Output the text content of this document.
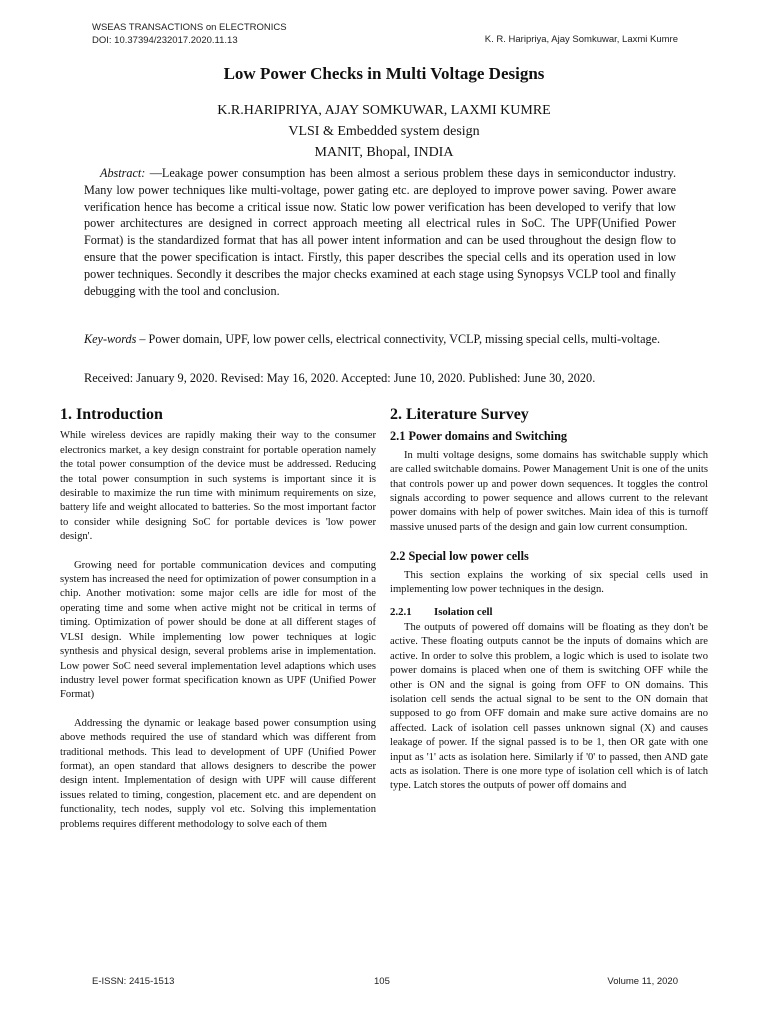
WSEAS TRANSACTIONS on ELECTRONICS
DOI: 10.37394/232017.2020.11.13	K. R. Haripriya, Ajay Somkuwar, Laxmi Kumre
Low Power Checks in Multi Voltage Designs
K.R.HARIPRIYA, AJAY SOMKUWAR, LAXMI KUMRE
VLSI & Embedded system design
MANIT, Bhopal, INDIA
Abstract: —Leakage power consumption has been almost a serious problem these days in semiconductor industry. Many low power techniques like multi-voltage, power gating etc. are deployed to improve power saving. Power aware verification hence has become a critical issue now. Static low power verification has been developed to verify that low power architectures are designed in correct approach meeting all electrical rules in SoC. The UPF(Unified Power Format) is the standardized format that has all power intent information and can be used throughout the design flow to ensure that the power specification is intact. Firstly, this paper describes the special cells and its operation used in low power techniques. Secondly it describes the major checks examined at each stage using Synopsys VCLP tool and finally debugging with the tool and conclusion.
Key-words – Power domain, UPF, low power cells, electrical connectivity, VCLP, missing special cells, multi-voltage.
Received: January 9, 2020. Revised: May 16, 2020. Accepted: June 10, 2020. Published: June 30, 2020.
1. Introduction

While wireless devices are rapidly making their way to the consumer electronics market, a key design constraint for portable operation namely the total power consumption of the device must be addressed. Reducing the total power consumption in such systems is important since it is desirable to maximize the run time with minimum requirements on size, battery life and weight allocated to batteries. So the most important factor to consider while designing SoC for portable devices is 'low power design'.

Growing need for portable communication devices and computing system has increased the need for optimization of power consumption in a chip. Another motivation: some major cells are idle for most of the operating time and some when active might not be critical in terms of timing. Optimization of power should be done at all different stages of VLSI design. While implementing low power techniques at logic synthesis and physical design, several problems arise in implementation. Low power SoC need several implementation level adaptions which uses industry level power format specification known as UPF (Unified Power Format)

Addressing the dynamic or leakage based power consumption using above methods required the use of standard which was different from traditional methods. This lead to development of UPF (Unified Power format), an open standard that allows designers to describe the power design intent. Implementation of design with UPF will cause different issues related to timing, congestion, placement etc. and are dependent on functionality, tech nodes, supply vol etc. Solving this implementation problems requires different methodology to solve each of them

2. Literature Survey
2.1 Power domains and Switching

In multi voltage designs, some domains has switchable supply which are called switchable domains. Power Management Unit is one of the units that controls power up and power down sequences. It toggles the control signals according to power sequence and allows current to the relevant power domains with help of power switches. Main idea of this is turnoff massive unused parts of the design and gain low current consumption.

2.2 Special low power cells

This section explains the working of six special cells used in implementing low power techniques in the design.

2.2.1 Isolation cell

The outputs of powered off domains will be floating as they don't be active. These floating outputs cannot be the inputs of domains which are active. In order to solve this problem, a logic which is used to isolate two power domains is placed when one of them is switching OFF while the other is ON and the signal is going from OFF to ON domains. This isolation cell sends the actual signal to be sent to the ON domain that supposed to go from OFF domain and make sure active domains are no affected. Lack of isolation cell passes unknown signal (X) and causes leakage of power. If the signal passed is to be 1, then OR gate with one input as '1' acts as isolation here. Similarly if '0' to passed, then AND gate acts as isolation. There is one more type of isolation cell which is of latch type. Latch stores the outputs of power off domains and

E-ISSN: 2415-1513	105	Volume 11, 2020
